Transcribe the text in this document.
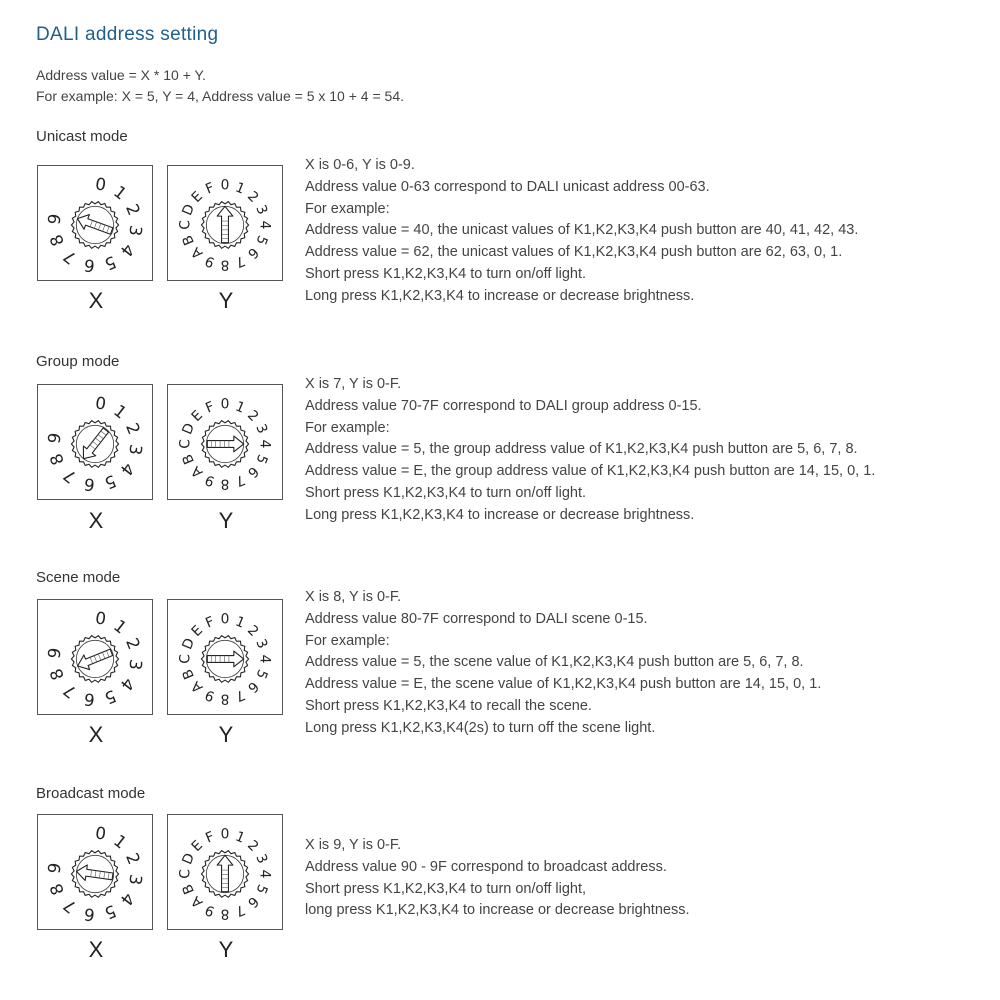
DALI address setting
Address value = X * 10 + Y.
For example: X = 5, Y = 4, Address value = 5 x 10 + 4 = 54.
Unicast mode
0 1
2
3
4
5
6
7
8
9
0 1
2
3
4
5
6
7
8
9
A
B
C
D
E
F
X	Y
X is 0-6, Y is 0-9.
Address value 0-63 correspond to DALI unicast address 00-63.
For example:
Address value = 40, the unicast values of K1,K2,K3,K4 push button are 40, 41, 42, 43.
Address value = 62, the unicast values of K1,K2,K3,K4 push button are 62, 63, 0, 1.
Short press K1,K2,K3,K4 to turn on/off light.
Long press K1,K2,K3,K4 to increase or decrease brightness.
Group mode
0 1
2
3
4
5
6
7
8
9
0 1
2
3
4
5
6
7
8
9
A
B
C
D
E
F
X	Y
X is 7, Y is 0-F.
Address value 70-7F correspond to DALI group address 0-15.
For example:
Address value = 5, the group address value of K1,K2,K3,K4 push button are 5, 6, 7, 8.
Address value = E, the group address value of K1,K2,K3,K4 push button are 14, 15, 0, 1.
Short press K1,K2,K3,K4 to turn on/off light.
Long press K1,K2,K3,K4 to increase or decrease brightness.
Scene mode
0 1
2
3
4
5
6
7
8
9
0 1
2
3
4
5
6
7
8
9
A
B
C
D
E
F
X	Y
X is 8, Y is 0-F.
Address value 80-7F correspond to DALI scene 0-15.
For example:
Address value = 5, the scene value of K1,K2,K3,K4 push button are 5, 6, 7, 8.
Address value = E, the scene value of K1,K2,K3,K4 push button are 14, 15, 0, 1.
Short press K1,K2,K3,K4 to recall the scene.
Long press K1,K2,K3,K4(2s) to turn off the scene light.
Broadcast mode
0 1
2
3
4
5
6
7
8
9
0 1
2
3
4
5
6
7
8
9
A
B
C
D
E
F
X	Y
X is 9, Y is 0-F.
Address value 90 - 9F correspond to broadcast address.
Short press K1,K2,K3,K4 to turn on/off light,
long press K1,K2,K3,K4 to increase or decrease brightness.
